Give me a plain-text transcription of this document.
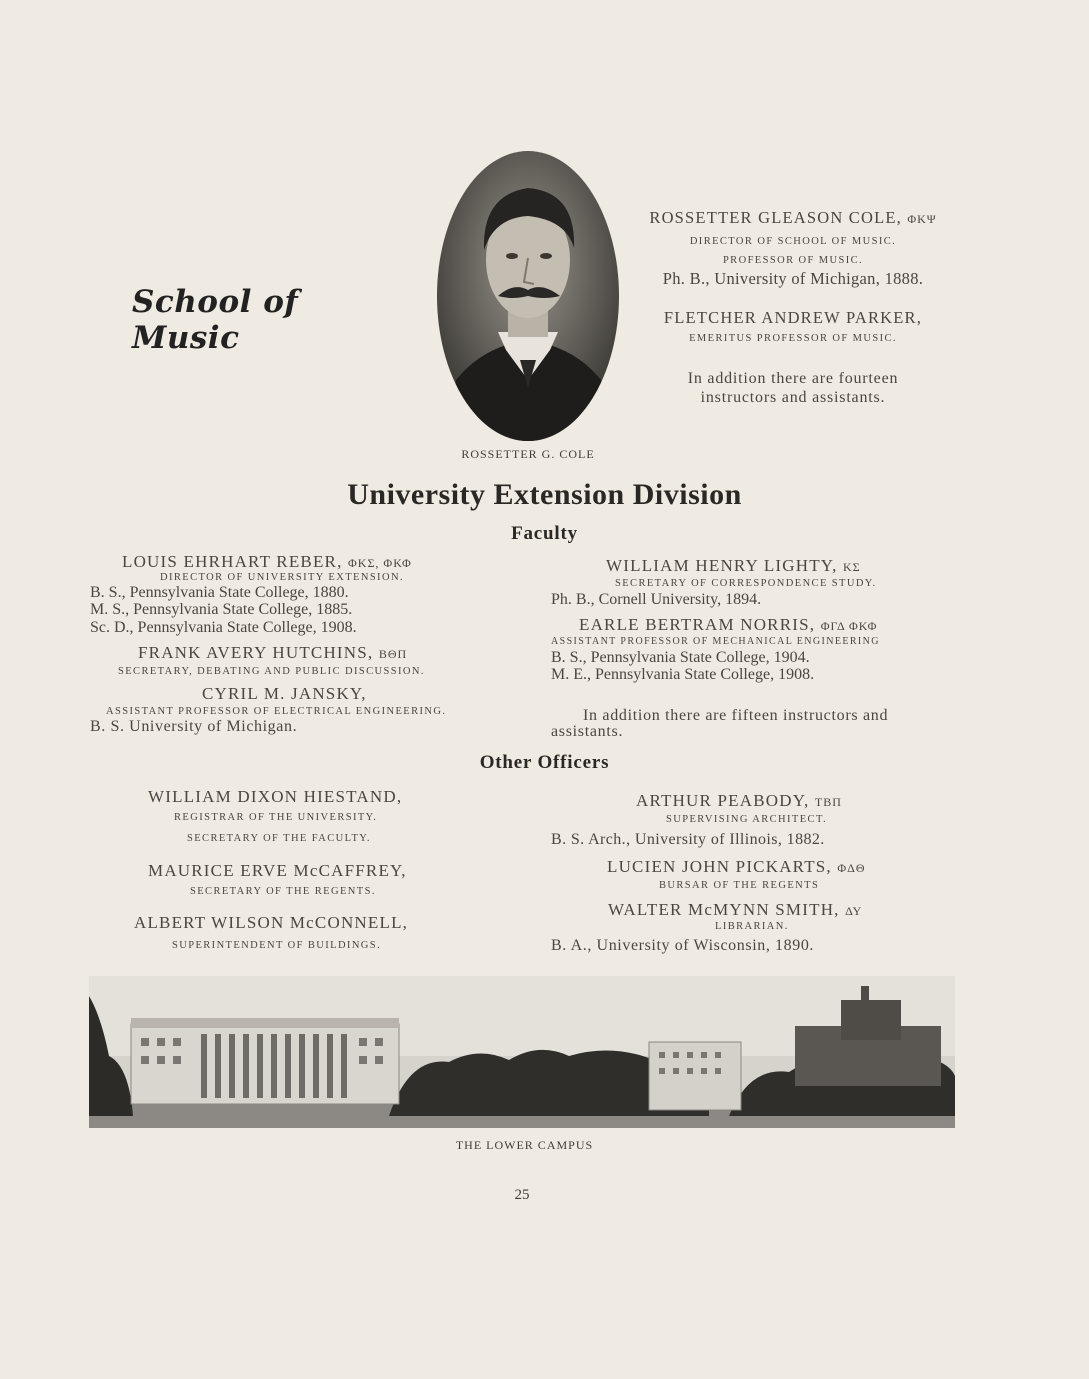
School of Music
ROSSETTER G. COLE
ROSSETTER GLEASON COLE, ΦΚΨ
DIRECTOR OF SCHOOL OF MUSIC.
PROFESSOR OF MUSIC.
Ph. B., University of Michigan, 1888.
FLETCHER ANDREW PARKER,
EMERITUS PROFESSOR OF MUSIC.
In addition there are fourteen
instructors and assistants.
University Extension Division
Faculty
LOUIS EHRHART REBER, ΦΚΣ, ΦΚΦ
DIRECTOR OF UNIVERSITY EXTENSION.
B. S., Pennsylvania State College, 1880.
M. S., Pennsylvania State College, 1885.
Sc. D., Pennsylvania State College, 1908.
FRANK AVERY HUTCHINS, ΒΘΠ
SECRETARY, DEBATING AND PUBLIC DISCUSSION.
CYRIL M. JANSKY,
ASSISTANT PROFESSOR OF ELECTRICAL ENGINEERING.
B. S. University of Michigan.
WILLIAM HENRY LIGHTY, ΚΣ
SECRETARY OF CORRESPONDENCE STUDY.
Ph. B., Cornell University, 1894.
EARLE BERTRAM NORRIS, ΦΓΔ ΦΚΦ
ASSISTANT PROFESSOR OF MECHANICAL ENGINEERING
B. S., Pennsylvania State College, 1904.
M. E., Pennsylvania State College, 1908.
In addition there are fifteen instructors and
assistants.
Other Officers
WILLIAM DIXON HIESTAND,
REGISTRAR OF THE UNIVERSITY.
SECRETARY OF THE FACULTY.
MAURICE ERVE McCAFFREY,
SECRETARY OF THE REGENTS.
ALBERT WILSON McCONNELL,
SUPERINTENDENT OF BUILDINGS.
ARTHUR PEABODY, ΤΒΠ
SUPERVISING ARCHITECT.
B. S. Arch., University of Illinois, 1882.
LUCIEN JOHN PICKARTS, ΦΔΘ
BURSAR OF THE REGENTS
WALTER McMYNN SMITH, ΔΥ
LIBRARIAN.
B. A., University of Wisconsin, 1890.
THE LOWER CAMPUS
25
